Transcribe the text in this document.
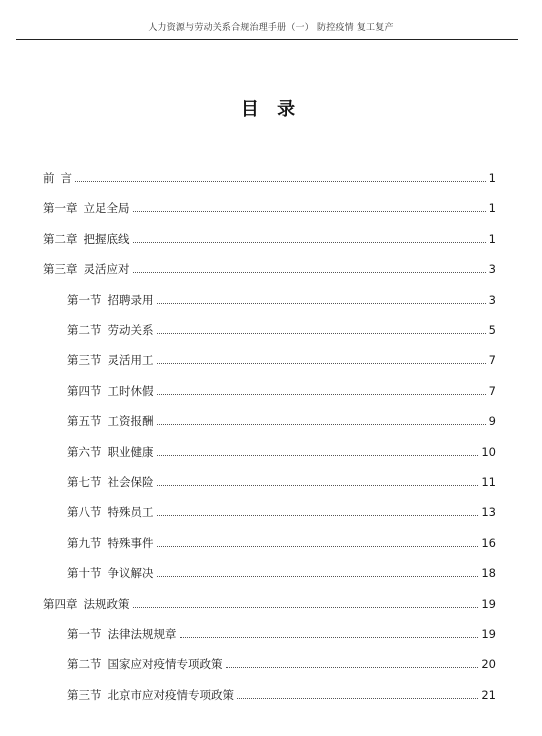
人力资源与劳动关系合规治理手册（一） 防控疫情 复工复产
目 录
前 言	1
第一章 立足全局	1
第二章 把握底线	1
第三章 灵活应对	3
第一节 招聘录用	3
第二节 劳动关系	5
第三节 灵活用工	7
第四节 工时休假	7
第五节 工资报酬	9
第六节 职业健康	10
第七节 社会保险	11
第八节 特殊员工	13
第九节 特殊事件	16
第十节 争议解决	18
第四章 法规政策	19
第一节 法律法规规章	19
第二节 国家应对疫情专项政策	20
第三节 北京市应对疫情专项政策	21
